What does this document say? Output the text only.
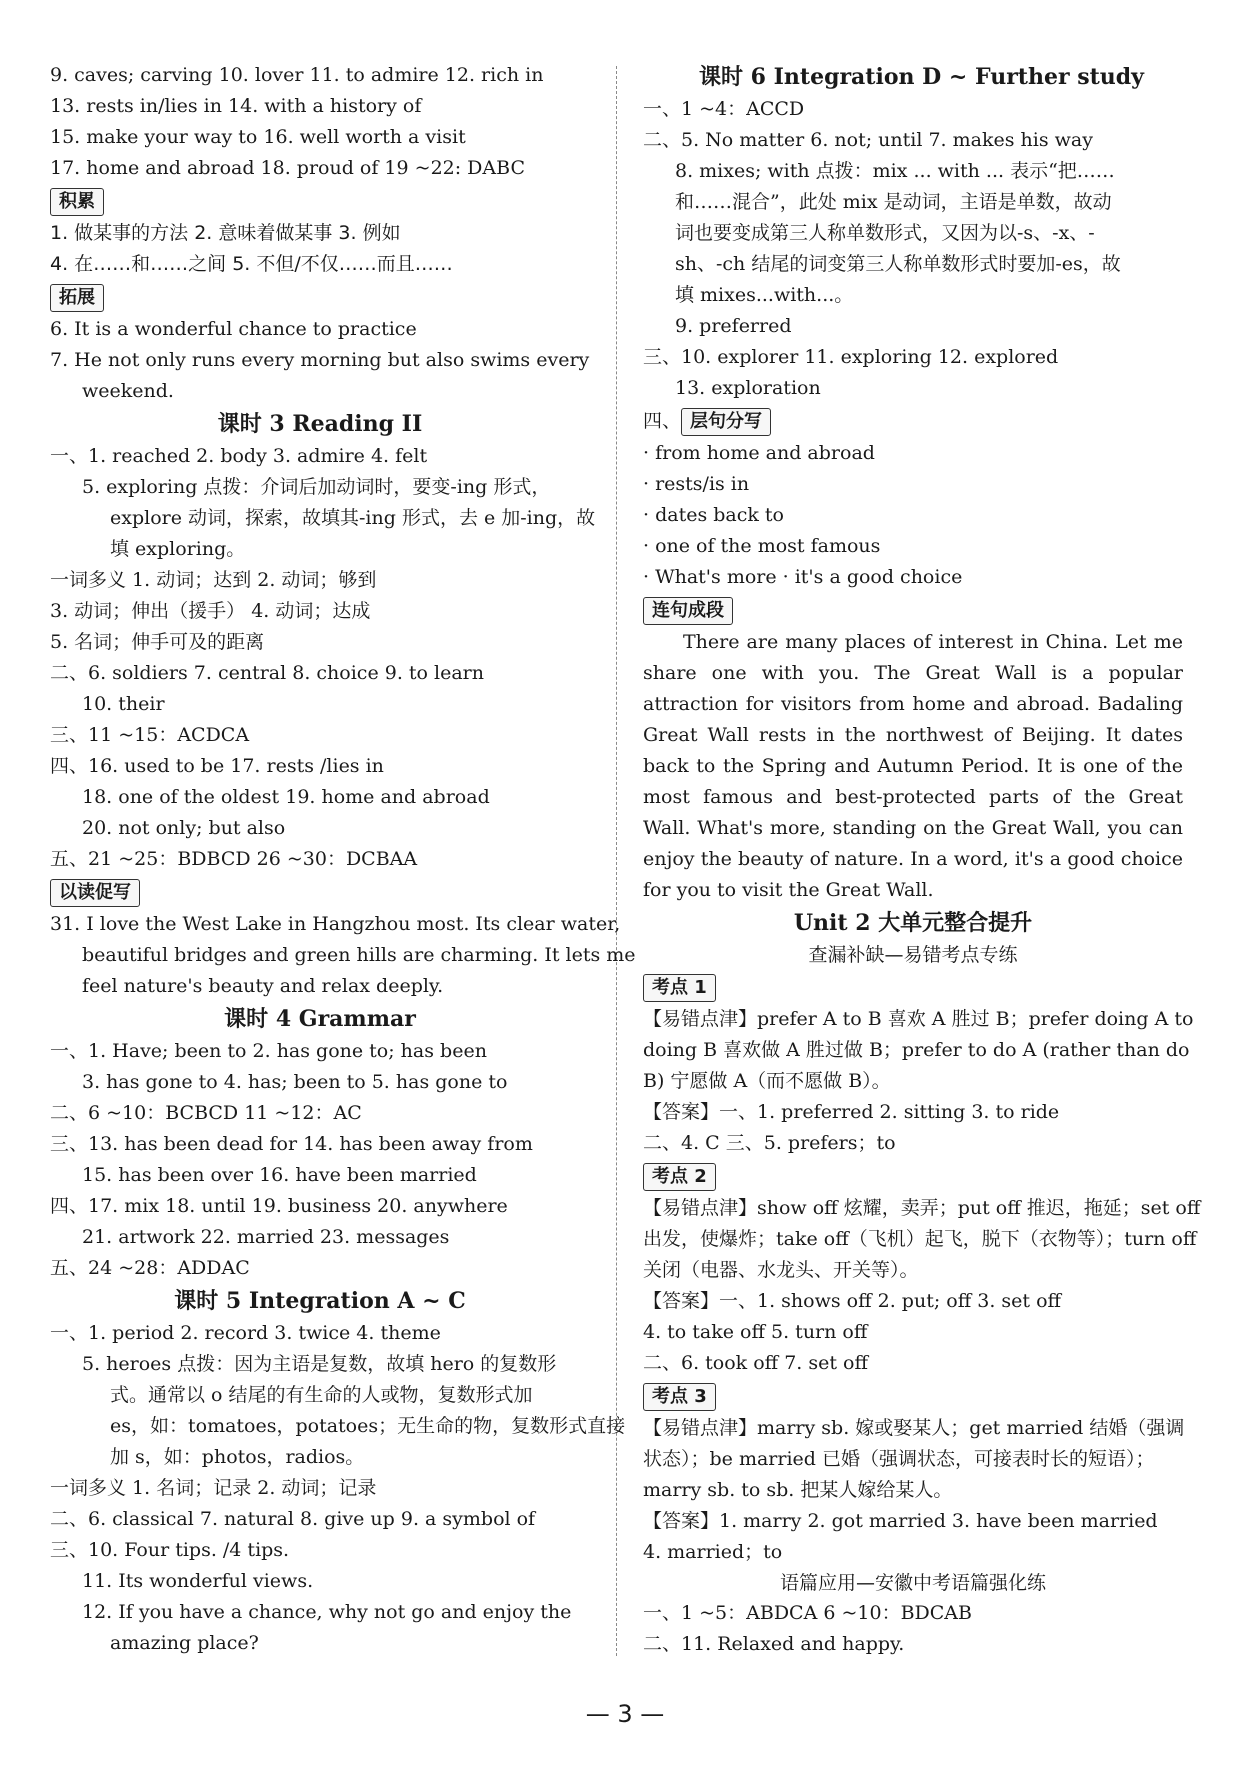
9. caves; carving 10. lover 11. to admire 12. rich in
13. rests in/lies in 14. with a history of
15. make your way to 16. well worth a visit
17. home and abroad 18. proud of 19 ~22: DABC
积累
1. 做某事的方法 2. 意味着做某事 3. 例如
4. 在……和……之间 5. 不但/不仅……而且……
拓展
6. It is a wonderful chance to practice
7. He not only runs every morning but also swims every
weekend.
课时 3 Reading II
一、1. reached 2. body 3. admire 4. felt
5. exploring 点拨：介词后加动词时，要变-ing 形式，
explore 动词，探索，故填其-ing 形式，去 e 加-ing，故
填 exploring。
一词多义 1. 动词；达到 2. 动词；够到
3. 动词；伸出（援手） 4. 动词；达成
5. 名词；伸手可及的距离
二、6. soldiers 7. central 8. choice 9. to learn
10. their
三、11 ~15：ACDCA
四、16. used to be 17. rests /lies in
18. one of the oldest 19. home and abroad
20. not only; but also
五、21 ~25：BDBCD 26 ~30：DCBAA
以读促写
31. I love the West Lake in Hangzhou most. Its clear water,
beautiful bridges and green hills are charming. It lets me
feel nature's beauty and relax deeply.
课时 4 Grammar
一、1. Have; been to 2. has gone to; has been
3. has gone to 4. has; been to 5. has gone to
二、6 ~10：BCBCD 11 ~12：AC
三、13. has been dead for 14. has been away from
15. has been over 16. have been married
四、17. mix 18. until 19. business 20. anywhere
21. artwork 22. married 23. messages
五、24 ~28：ADDAC
课时 5 Integration A ~ C
一、1. period 2. record 3. twice 4. theme
5. heroes 点拨：因为主语是复数，故填 hero 的复数形
式。通常以 o 结尾的有生命的人或物，复数形式加
es，如：tomatoes，potatoes；无生命的物，复数形式直接
加 s，如：photos，radios。
一词多义 1. 名词；记录 2. 动词；记录
二、6. classical 7. natural 8. give up 9. a symbol of
三、10. Four tips. /4 tips.
11. Its wonderful views.
12. If you have a chance, why not go and enjoy the
amazing place?
课时 6 Integration D ~ Further study
一、1 ~4：ACCD
二、5. No matter 6. not; until 7. makes his way
8. mixes; with 点拨：mix ... with ... 表示“把……
和……混合”，此处 mix 是动词，主语是单数，故动
词也要变成第三人称单数形式，又因为以-s、-x、-
sh、-ch 结尾的词变第三人称单数形式时要加-es，故
填 mixes...with...。
9. preferred
三、10. explorer 11. exploring 12. explored
13. exploration
四、 层句分写
· from home and abroad
· rests/is in
· dates back to
· one of the most famous
· What's more · it's a good choice
连句成段
There are many places of interest in China. Let me share one with you. The Great Wall is a popular attraction for visitors from home and abroad. Badaling Great Wall rests in the northwest of Beijing. It dates back to the Spring and Autumn Period. It is one of the most famous and best-protected parts of the Great Wall. What's more, standing on the Great Wall, you can enjoy the beauty of nature. In a word, it's a good choice for you to visit the Great Wall.
Unit 2 大单元整合提升
查漏补缺—易错考点专练
考点 1
【易错点津】prefer A to B 喜欢 A 胜过 B；prefer doing A to
doing B 喜欢做 A 胜过做 B；prefer to do A (rather than do
B) 宁愿做 A（而不愿做 B）。
【答案】一、1. preferred 2. sitting 3. to ride
二、4. C 三、5. prefers；to
考点 2
【易错点津】show off 炫耀，卖弄；put off 推迟，拖延；set off
出发，使爆炸；take off（飞机）起飞，脱下（衣物等）；turn off
关闭（电器、水龙头、开关等）。
【答案】一、1. shows off 2. put; off 3. set off
4. to take off 5. turn off
二、6. took off 7. set off
考点 3
【易错点津】marry sb. 嫁或娶某人；get married 结婚（强调
状态）；be married 已婚（强调状态，可接表时长的短语）；
marry sb. to sb. 把某人嫁给某人。
【答案】1. marry 2. got married 3. have been married
4. married；to
语篇应用—安徽中考语篇强化练
一、1 ~5：ABDCA 6 ~10：BDCAB
二、11. Relaxed and happy.
— 3 —
